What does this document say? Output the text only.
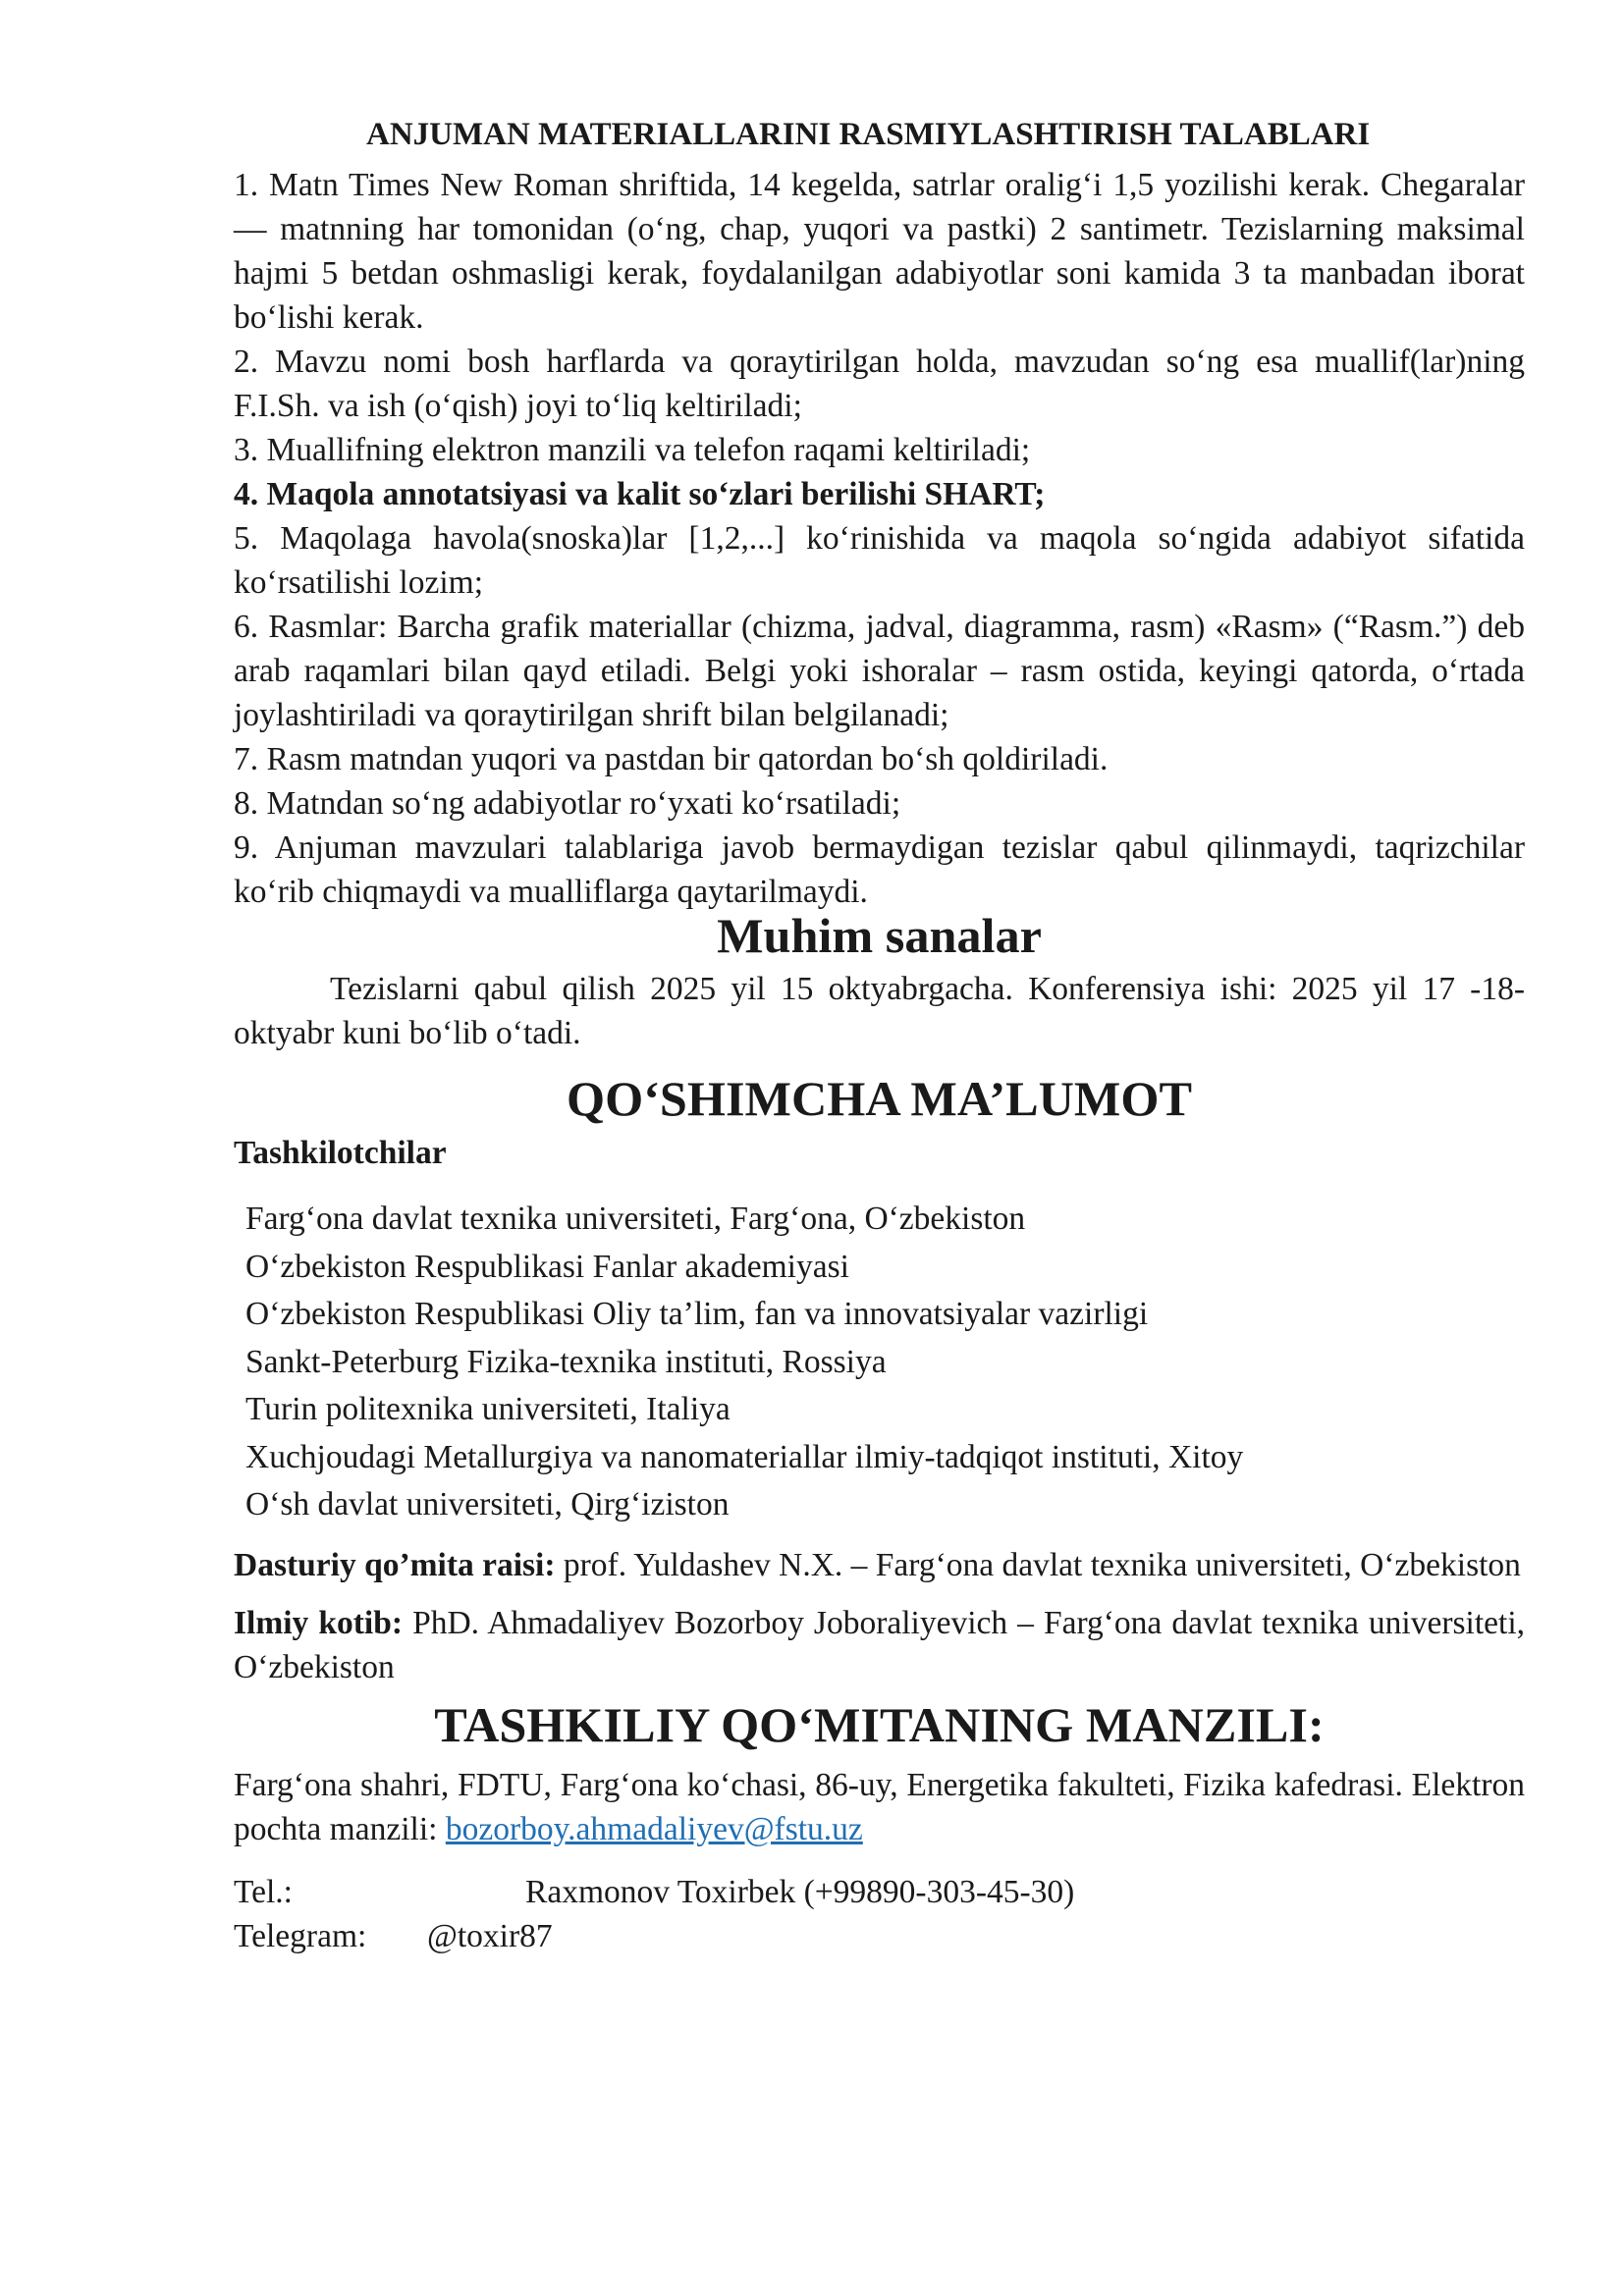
ANJUMAN MATERIALLARINI RASMIYLASHTIRISH TALABLARI

1. Matn Times New Roman shriftida, 14 kegelda, satrlar oralig‘i 1,5 yozilishi kerak. Chegaralar — matnning har tomonidan (o‘ng, chap, yuqori va pastki) 2 santimetr. Tezislarning maksimal hajmi 5 betdan oshmasligi kerak, foydalanilgan adabiyotlar soni kamida 3 ta manbadan iborat bo‘lishi kerak.

2. Mavzu nomi bosh harflarda va qoraytirilgan holda, mavzudan so‘ng esa muallif(lar)ning F.I.Sh. va ish (o‘qish) joyi to‘liq keltiriladi;

3. Muallifning elektron manzili va telefon raqami keltiriladi;

4. Maqola annotatsiyasi va kalit so‘zlari berilishi SHART;

5. Maqolaga havola(snoska)lar [1,2,...] ko‘rinishida va maqola so‘ngida adabiyot sifatida ko‘rsatilishi lozim;

6. Rasmlar: Barcha grafik materiallar (chizma, jadval, diagramma, rasm) «Rasm» (“Rasm.”) deb arab raqamlari bilan qayd etiladi. Belgi yoki ishoralar – rasm ostida, keyingi qatorda, o‘rtada joylashtiriladi va qoraytirilgan shrift bilan belgilanadi;

7. Rasm matndan yuqori va pastdan bir qatordan bo‘sh qoldiriladi.

8. Matndan so‘ng adabiyotlar ro‘yxati ko‘rsatiladi;

9. Anjuman mavzulari talablariga javob bermaydigan tezislar qabul qilinmaydi, taqrizchilar ko‘rib chiqmaydi va mualliflarga qaytarilmaydi.

Muhim sanalar

Tezislarni qabul qilish 2025 yil 15 oktyabrgacha. Konferensiya ishi: 2025 yil 17 -18- oktyabr kuni bo‘lib o‘tadi.

QO‘SHIMCHA MA’LUMOT
Tashkilotchilar
Farg‘ona davlat texnika universiteti, Farg‘ona, O‘zbekiston
O‘zbekiston Respublikasi Fanlar akademiyasi
O‘zbekiston Respublikasi Oliy ta’lim, fan va innovatsiyalar vazirligi
Sankt-Peterburg Fizika-texnika instituti, Rossiya
Turin politexnika universiteti, Italiya
Xuchjoudagi Metallurgiya va nanomateriallar ilmiy-tadqiqot instituti, Xitoy
O‘sh davlat universiteti, Qirg‘iziston

Dasturiy qo’mita raisi: prof. Yuldashev N.X. – Farg‘ona davlat texnika universiteti, O‘zbekiston

Ilmiy kotib: PhD. Ahmadaliyev Bozorboy Joboraliyevich – Farg‘ona davlat texnika universiteti, O‘zbekiston

TASHKILIY QO‘MITANING MANZILI:

Farg‘ona shahri, FDTU, Farg‘ona ko‘chasi, 86-uy, Energetika fakulteti, Fizika kafedrasi. Elektron pochta manzili: bozorboy.ahmadaliyev@fstu.uz

Tel.:	Raxmonov Toxirbek (+99890-303-45-30)
Telegram:	@toxir87
